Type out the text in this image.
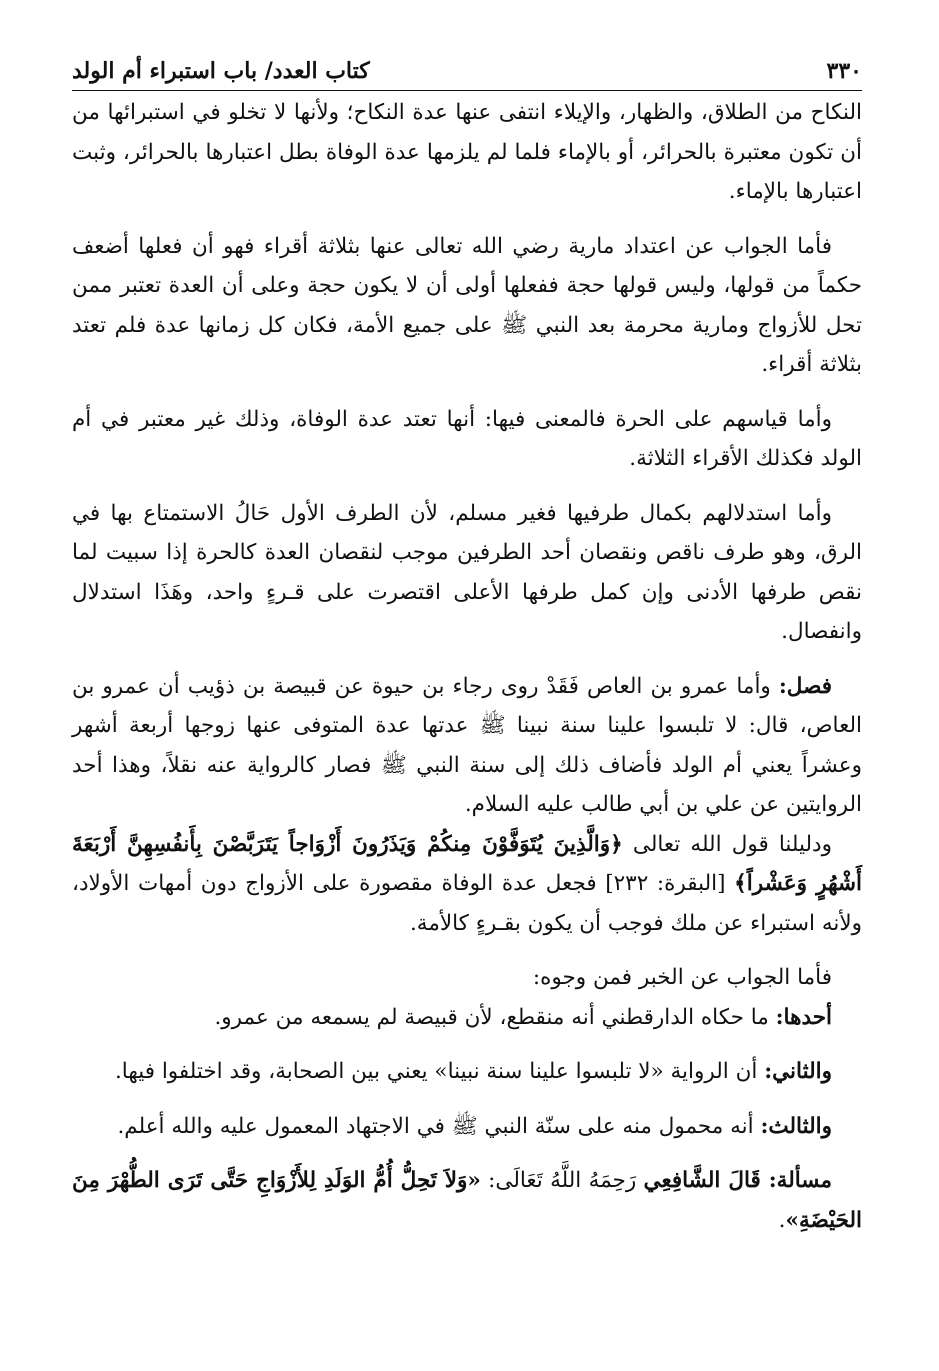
٣٣٠
كتاب العدد/ باب استبراء أم الولد

النكاح من الطلاق، والظهار، والإيلاء انتفى عنها عدة النكاح؛ ولأنها لا تخلو في استبرائها من أن تكون معتبرة بالحرائر، أو بالإماء فلما لم يلزمها عدة الوفاة بطل اعتبارها بالحرائر، وثبت اعتبارها بالإماء.

فأما الجواب عن اعتداد مارية رضي الله تعالى عنها بثلاثة أقراء فهو أن فعلها أضعف حكماً من قولها، وليس قولها حجة ففعلها أولى أن لا يكون حجة وعلى أن العدة تعتبر ممن تحل للأزواج ومارية محرمة بعد النبي ﷺ على جميع الأمة، فكان كل زمانها عدة فلم تعتد بثلاثة أقراء.

وأما قياسهم على الحرة فالمعنى فيها: أنها تعتد عدة الوفاة، وذلك غير معتبر في أم الولد فكذلك الأقراء الثلاثة.

وأما استدلالهم بكمال طرفيها فغير مسلم، لأن الطرف الأول حَالُ الاستمتاع بها في الرق، وهو طرف ناقص ونقصان أحد الطرفين موجب لنقصان العدة كالحرة إذا سبيت لما نقص طرفها الأدنى وإن كمل طرفها الأعلى اقتصرت على قـرءٍ واحد، وهَذَا استدلال وانفصال.

فصل: وأما عمرو بن العاص فَقَدْ روى رجاء بن حيوة عن قبيصة بن ذؤيب أن عمرو بن العاص، قال: لا تلبسوا علينا سنة نبينا ﷺ عدتها عدة المتوفى عنها زوجها أربعة أشهر وعشراً يعني أم الولد فأضاف ذلك إلى سنة النبي ﷺ فصار كالرواية عنه نقلاً، وهذا أحد الروايتين عن علي بن أبي طالب عليه السلام.

ودليلنا قول الله تعالى ﴿وَالَّذِينَ يُتَوَفَّوْنَ مِنكُمْ وَيَذَرُونَ أَزْوَاجاً يَتَرَبَّصْنَ بِأَنفُسِهِنَّ أَرْبَعَةَ أَشْهُرٍ وَعَشْراً﴾ [البقرة: ٢٣٢] فجعل عدة الوفاة مقصورة على الأزواج دون أمهات الأولاد، ولأنه استبراء عن ملك فوجب أن يكون بقـرءٍ كالأمة.

فأما الجواب عن الخبر فمن وجوه:

أحدها: ما حكاه الدارقطني أنه منقطع، لأن قبيصة لم يسمعه من عمرو.

والثاني: أن الرواية «لا تلبسوا علينا سنة نبينا» يعني بين الصحابة، وقد اختلفوا فيها.

والثالث: أنه محمول منه على سنّة النبي ﷺ في الاجتهاد المعمول عليه والله أعلم.

مسألة: قَالَ الشَّافِعِي رَحِمَهُ اللَّهُ تَعَالَى: «وَلاَ تَحِلُّ أُمُّ الوَلَدِ لِلأَزْوَاجِ حَتَّى تَرَى الطُّهْرَ مِنَ الحَيْضَةِ».
